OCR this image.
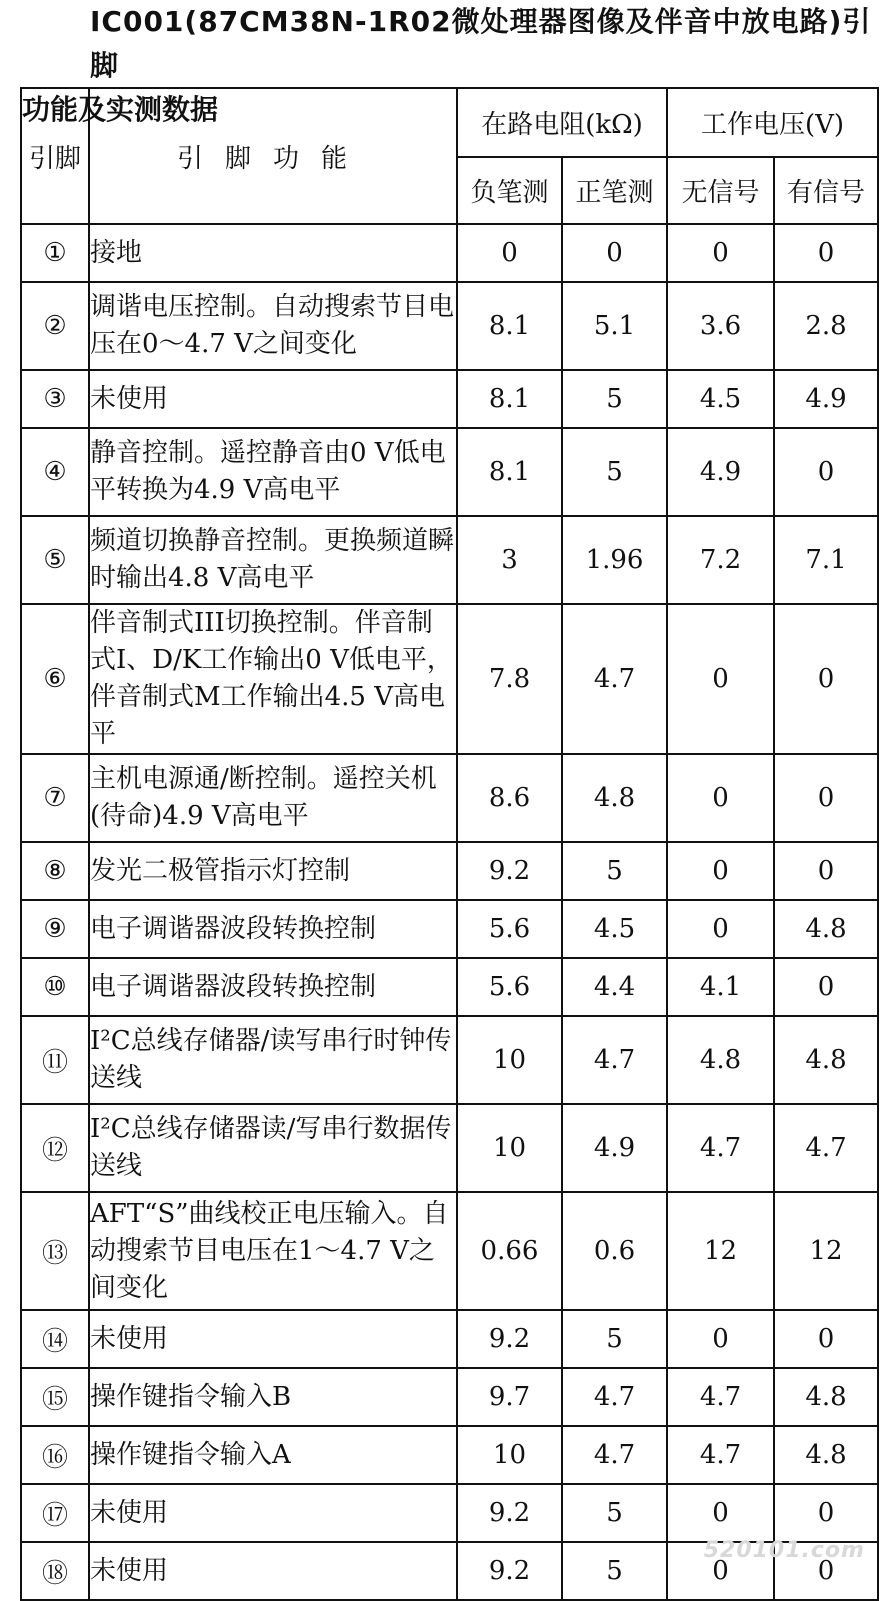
IC001(87CM38N-1R02微处理器图像及伴音中放电路)引脚
功能及实测数据
引脚	引脚功能	在路电阻(kΩ)		工作电压(V)	
		负笔测	正笔测	无信号	有信号
①	接地	0	0	0	0
②	调谐电压控制。自动搜索节目电压在0～4.7 V之间变化	8.1	5.1	3.6	2.8
③	未使用	8.1	5	4.5	4.9
④	静音控制。遥控静音由0 V低电平转换为4.9 V高电平	8.1	5	4.9	0
⑤	频道切换静音控制。更换频道瞬时输出4.8 V高电平	3	1.96	7.2	7.1
⑥	伴音制式III切换控制。伴音制式I、D/K工作输出0 V低电平，伴音制式M工作输出4.5 V高电平	7.8	4.7	0	0
⑦	主机电源通/断控制。遥控关机(待命)4.9 V高电平	8.6	4.8	0	0
⑧	发光二极管指示灯控制	9.2	5	0	0
⑨	电子调谐器波段转换控制	5.6	4.5	0	4.8
⑩	电子调谐器波段转换控制	5.6	4.4	4.1	0
⑪	I²C总线存储器/读写串行时钟传送线	10	4.7	4.8	4.8
⑫	I²C总线存储器读/写串行数据传送线	10	4.9	4.7	4.7
⑬	AFT“S”曲线校正电压输入。自动搜索节目电压在1～4.7 V之间变化	0.66	0.6	12	12
⑭	未使用	9.2	5	0	0
⑮	操作键指令输入B	9.7	4.7	4.7	4.8
⑯	操作键指令输入A	10	4.7	4.7	4.8
⑰	未使用	9.2	5	0	0
⑱	未使用	9.2	5	0	0
520101.com
